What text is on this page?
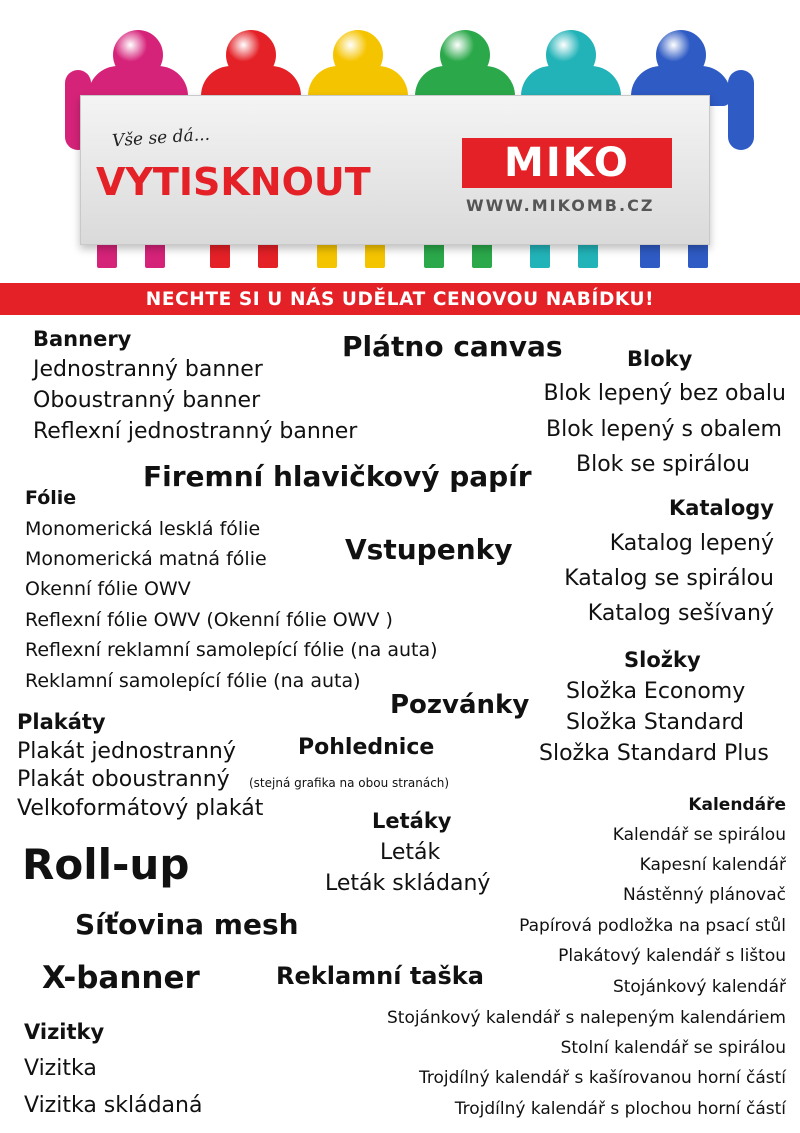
Vše se dá...
VYTISKNOUT	MIKO
WWW.MIKOMB.CZ
NECHTE SI U NÁS UDĚLAT CENOVOU NABÍDKU!
Bannery
Jednostranný banner
Oboustranný banner
Reflexní jednostranný banner
Plátno canvas	Bloky
Blok lepený bez obalu
Blok lepený s obalem
Blok se spirálou
Firemní hlavičkový papír
Fólie
Monomerická lesklá fólie
Monomerická matná fólie
Okenní fólie OWV
Reflexní fólie OWV (Okenní fólie OWV )
Reflexní reklamní samolepící fólie (na auta)
Reklamní samolepící fólie (na auta)
Vstupenky
Katalogy
Katalog lepený
Katalog se spirálou
Katalog sešívaný
Složky
Složka Economy
Složka Standard
Složka Standard Plus
Pozvánky
Plakáty
Plakát jednostranný
Plakát oboustranný (stejná grafika na obou stranách)
Velkoformátový plakát
Pohlednice
Letáky
Leták
Leták skládaný
Roll-up
Síťovina mesh
X-banner	Reklamní taška
Vizitky
Vizitka
Vizitka skládaná
Kalendáře
Kalendář se spirálou
Kapesní kalendář
Nástěnný plánovač
Papírová podložka na psací stůl
Plakátový kalendář s lištou
Stojánkový kalendář
Stojánkový kalendář s nalepeným kalendáriem
Stolní kalendář se spirálou
Trojdílný kalendář s kašírovanou horní částí
Trojdílný kalendář s plochou horní částí
